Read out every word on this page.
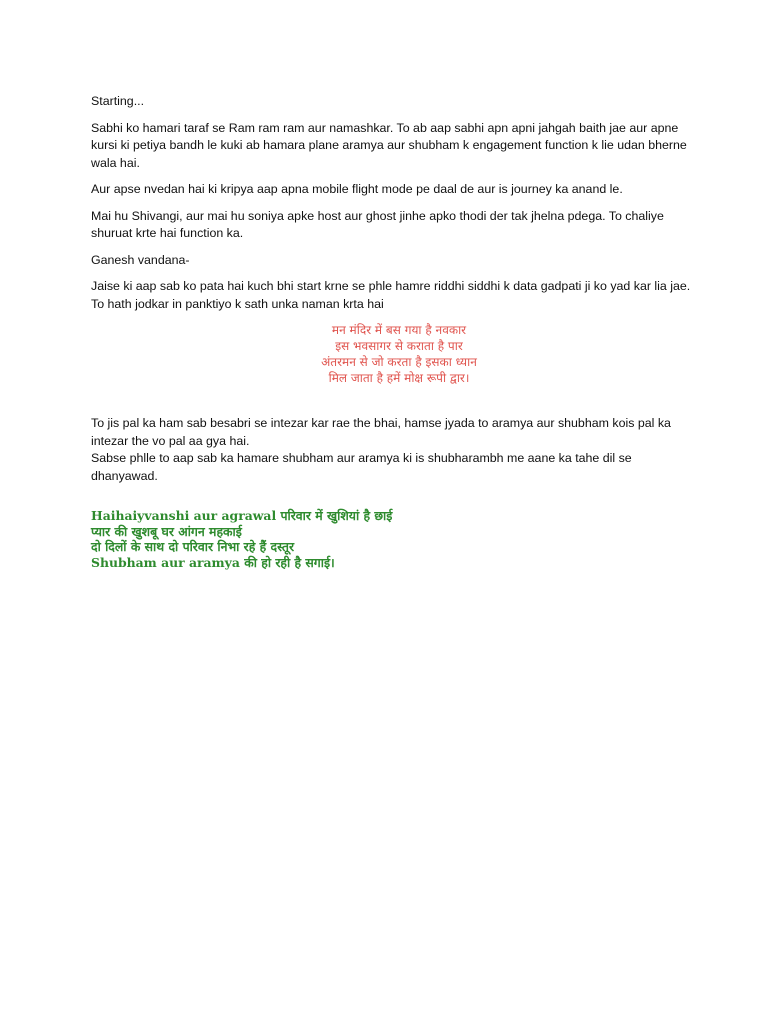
Starting...

Sabhi ko hamari taraf se Ram ram ram aur namashkar. To ab aap sabhi apn apni jahgah baith jae aur apne kursi ki petiya bandh le kuki ab hamara plane aramya aur shubham k engagement function k lie udan bherne wala hai.

Aur apse nvedan hai ki kripya aap apna mobile flight mode pe daal de aur is journey ka anand le.

Mai hu Shivangi, aur mai hu soniya apke host aur ghost jinhe apko thodi der tak jhelna pdega. To chaliye shuruat krte hai function ka.

Ganesh vandana-

Jaise ki aap sab ko pata hai kuch bhi start krne se phle hamre riddhi siddhi k data gadpati ji ko yad kar lia jae. To hath jodkar in panktiyo k sath unka naman krta hai

मन मंदिर में बस गया है नवकार
इस भवसागर से कराता है पार
अंतरमन से जो करता है इसका ध्यान
मिल जाता है हमें मोक्ष रूपी द्वार।

To jis pal ka ham sab besabri se intezar kar rae the bhai, hamse jyada to aramya aur shubham kois pal ka intezar the vo pal aa gya hai.

Sabse phlle to aap sab ka hamare shubham aur aramya ki is shubharambh me aane ka tahe dil se dhanyawad.

Haihaiyvanshi aur agrawal परिवार में खुशियां है छाई
प्यार की खुशबू घर आंगन महकाई
दो दिलों के साथ दो परिवार निभा रहे हैं दस्तूर
Shubham aur aramya की हो रही है सगाई।
